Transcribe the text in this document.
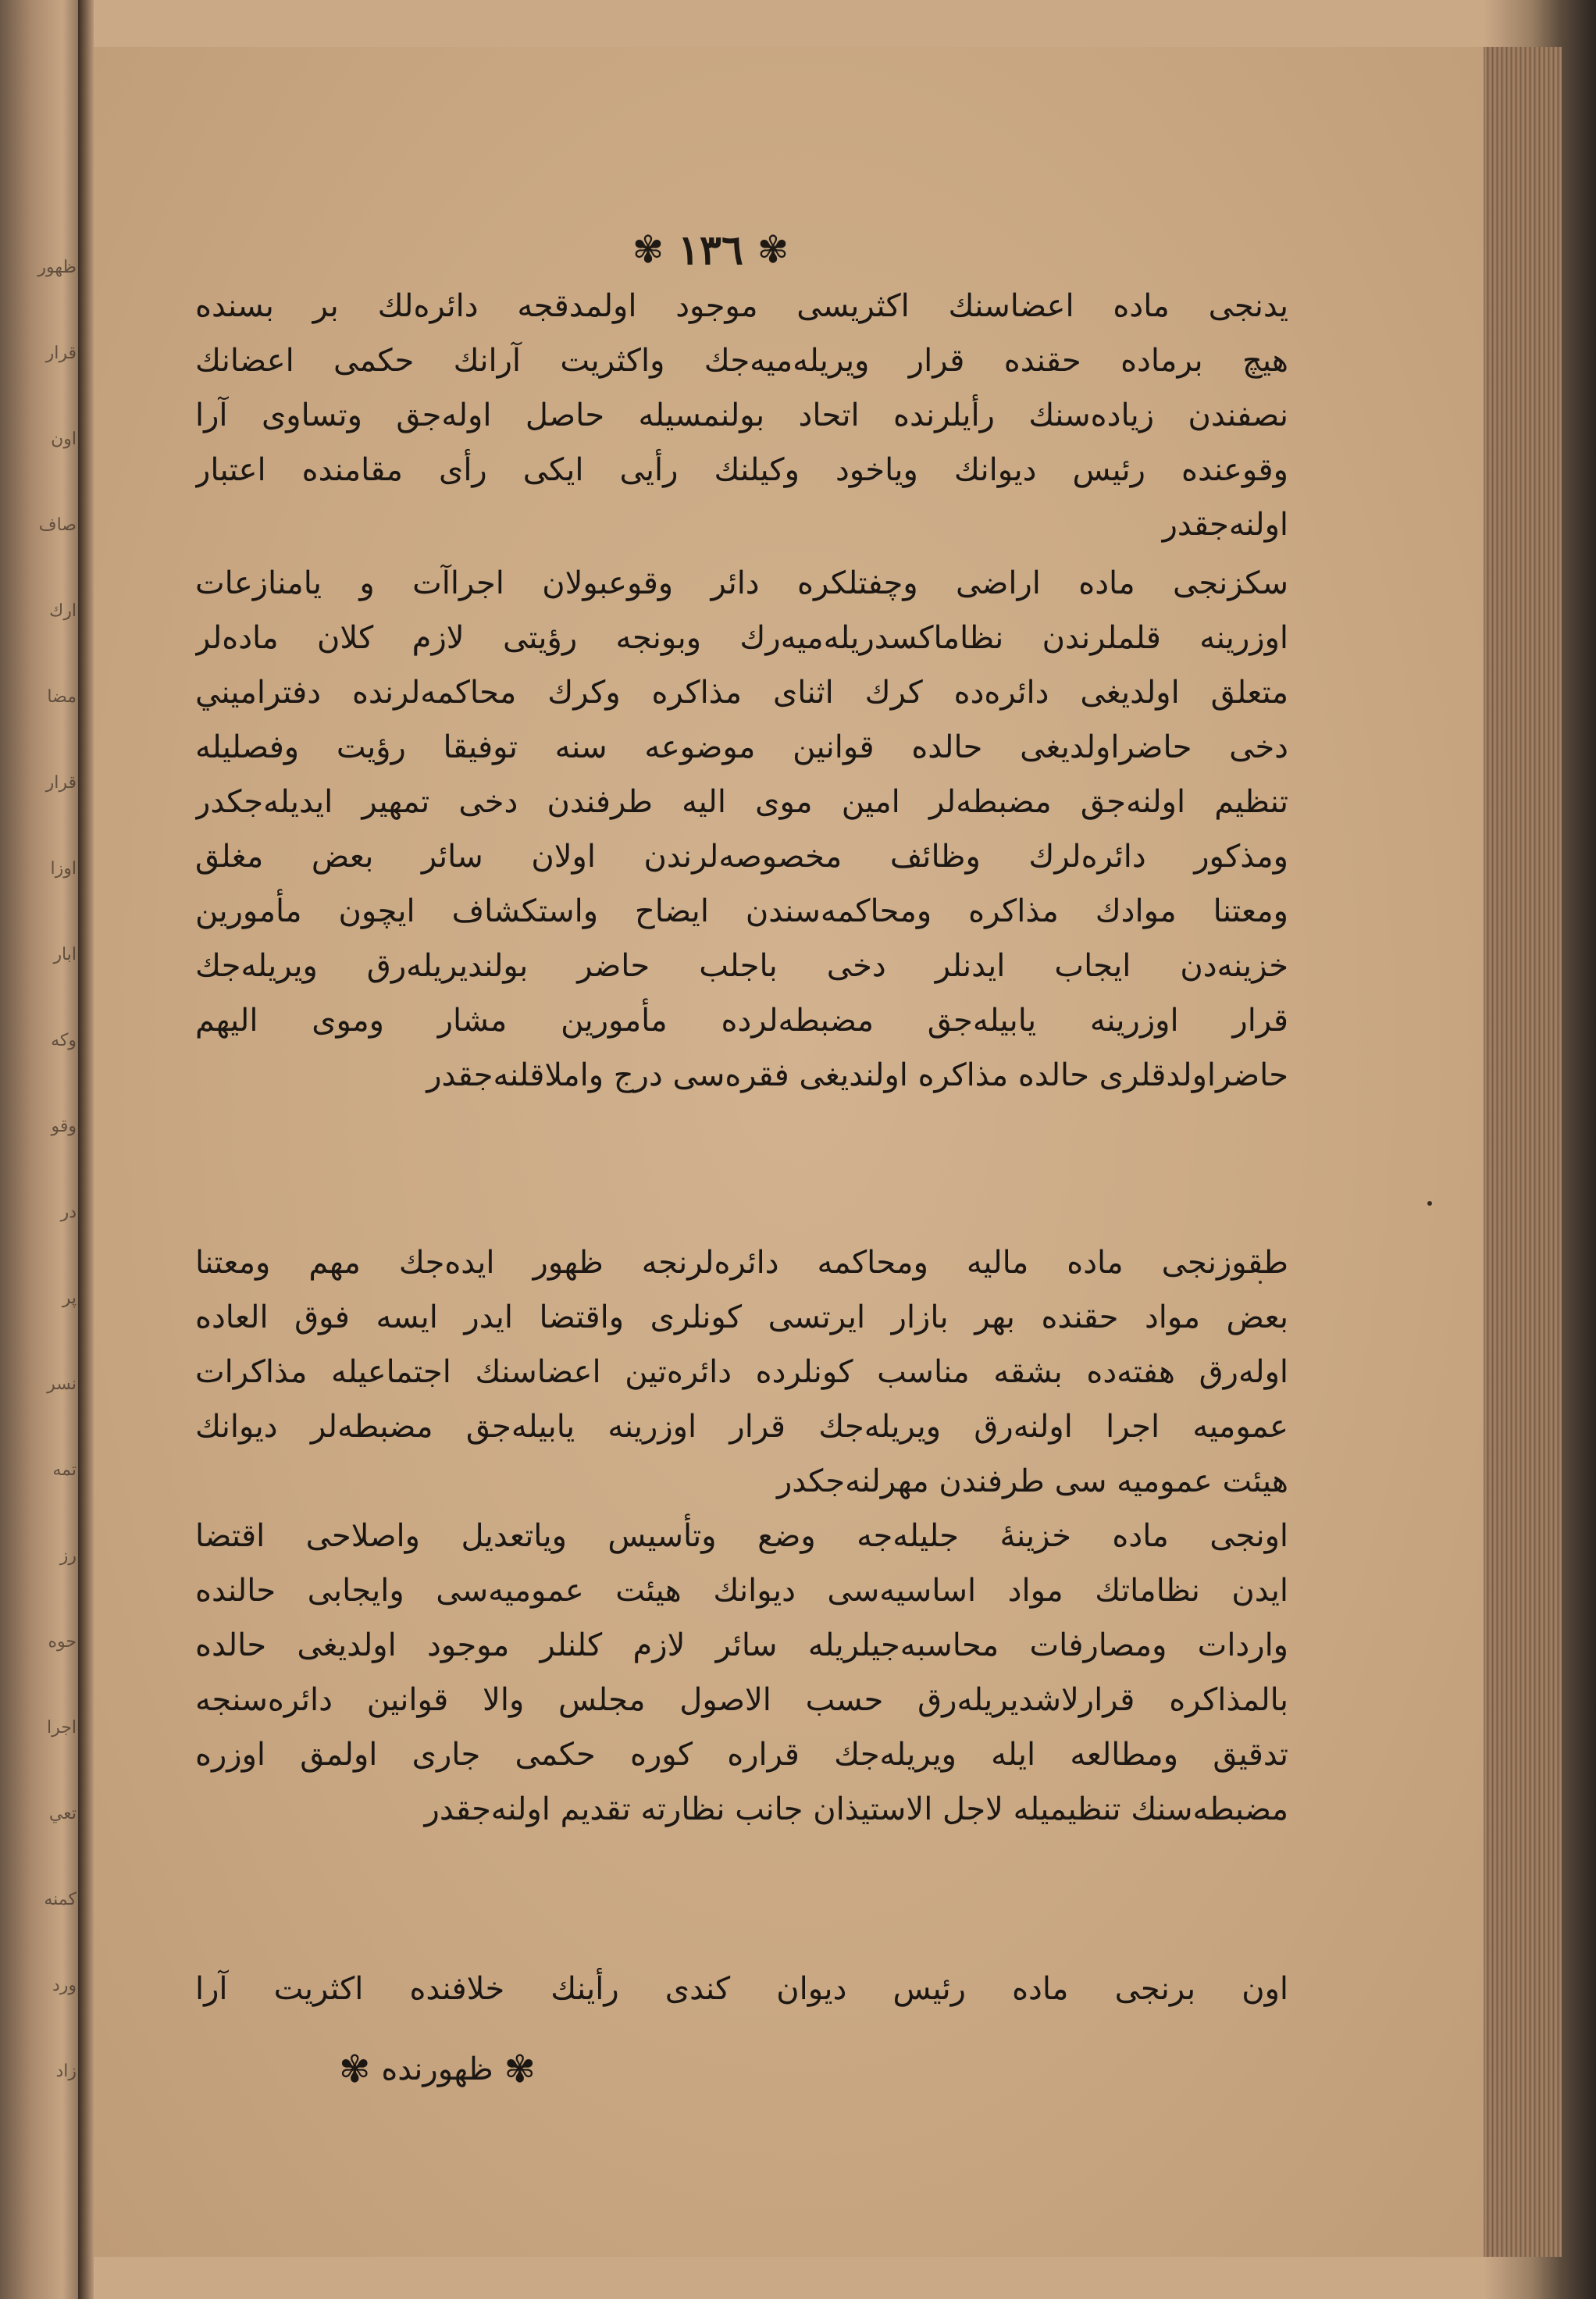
ظهور
قرار
اون
صاف
ارك
مضا
قرار
اوزا
ابار
وكه
وقو
در
پر
نسر
تمه
رز
حوه
اجرا
تعي
كمنه
ورد
زاد
✾ ١٣٦ ✾
يدنجى ماده اعضاسنك اكثريسى موجود اولمدقجه دائره‌لك بر بسنده
هيچ برماده حقنده قرار ويريله‌ميه‌جك واكثريت آرانك حكمى اعضانك
نصفندن زياده‌سنك رأيلرنده اتحاد بولنمسيله حاصل اوله‌جق وتساوى آرا
وقوعنده رئيس ديوانك وياخود وكيلنك رأيى ايكى رأى مقامنده اعتبار
اولنه‌جقدر
سكزنجى ماده اراضى وچفتلكره دائر وقوعبولان اجراآت و يامنازعات
اوزرينه قلملرندن نظاماكسدريله‌ميه‌رك وبونجه رؤيتى لازم كلان ماده‌لر
متعلق اولديغى دائره‌ده كرك اثناى مذاكره وكرك محاكمه‌لرنده دفتراميني
دخى حاضراولديغى حالده قوانين موضوعه سنه توفيقا رؤيت وفصليله
تنظيم اولنه‌جق مضبطه‌لر امين موى اليه طرفندن دخى تمهير ايديله‌جكدر
ومذكور دائره‌لرك وظائف مخصوصه‌لرندن اولان سائر بعض مغلق
ومعتنا موادك مذاكره ومحاكمه‌سندن ايضاح واستكشاف ايچون مأمورين
خزينه‌دن ايجاب ايدنلر دخى باجلب حاضر بولنديريله‌رق ويريله‌جك
قرار اوزرينه يابيله‌جق مضبطه‌لرده مأمورين مشار وموى اليهم
حاضراولدقلرى حالده مذاكره اولنديغى فقره‌سى درج واملاقلنه‌جقدر
طقوزنجى ماده ماليه ومحاكمه دائره‌لرنجه ظهور ايده‌جك مهم ومعتنا
بعض مواد حقنده بهر بازار ايرتسى كونلرى واقتضا ايدر ايسه فوق العاده
اوله‌رق هفته‌ده بشقه مناسب كونلرده دائره‌تين اعضاسنك اجتماعيله مذاكرات
عموميه اجرا اولنه‌رق ويريله‌جك قرار اوزرينه يابيله‌جق مضبطه‌لر ديوانك
هيئت عموميه سى طرفندن مهرلنه‌جكدر
اونجى ماده خزينهٔ جليله‌جه وضع وتأسيس وياتعديل واصلاحى اقتضا
ايدن نظاماتك مواد اساسيه‌سى ديوانك هيئت عموميه‌سى وايجابى حالنده
واردات ومصارفات محاسبه‌جيلريله سائر لازم كلنلر موجود اولديغى حالده
بالمذاكره قرارلاشديريله‌رق حسب الاصول مجلس والا قوانين دائره‌سنجه
تدقيق ومطالعه ايله ويريله‌جك قراره كوره حكمى جارى اولمق اوزره
مضبطه‌سنك تنظيميله لاجل الاستيذان جانب نظارته تقديم اولنه‌جقدر
اون برنجى ماده رئيس ديوان كندى رأينك خلافنده اكثريت آرا
✾
ظهورنده
✾
